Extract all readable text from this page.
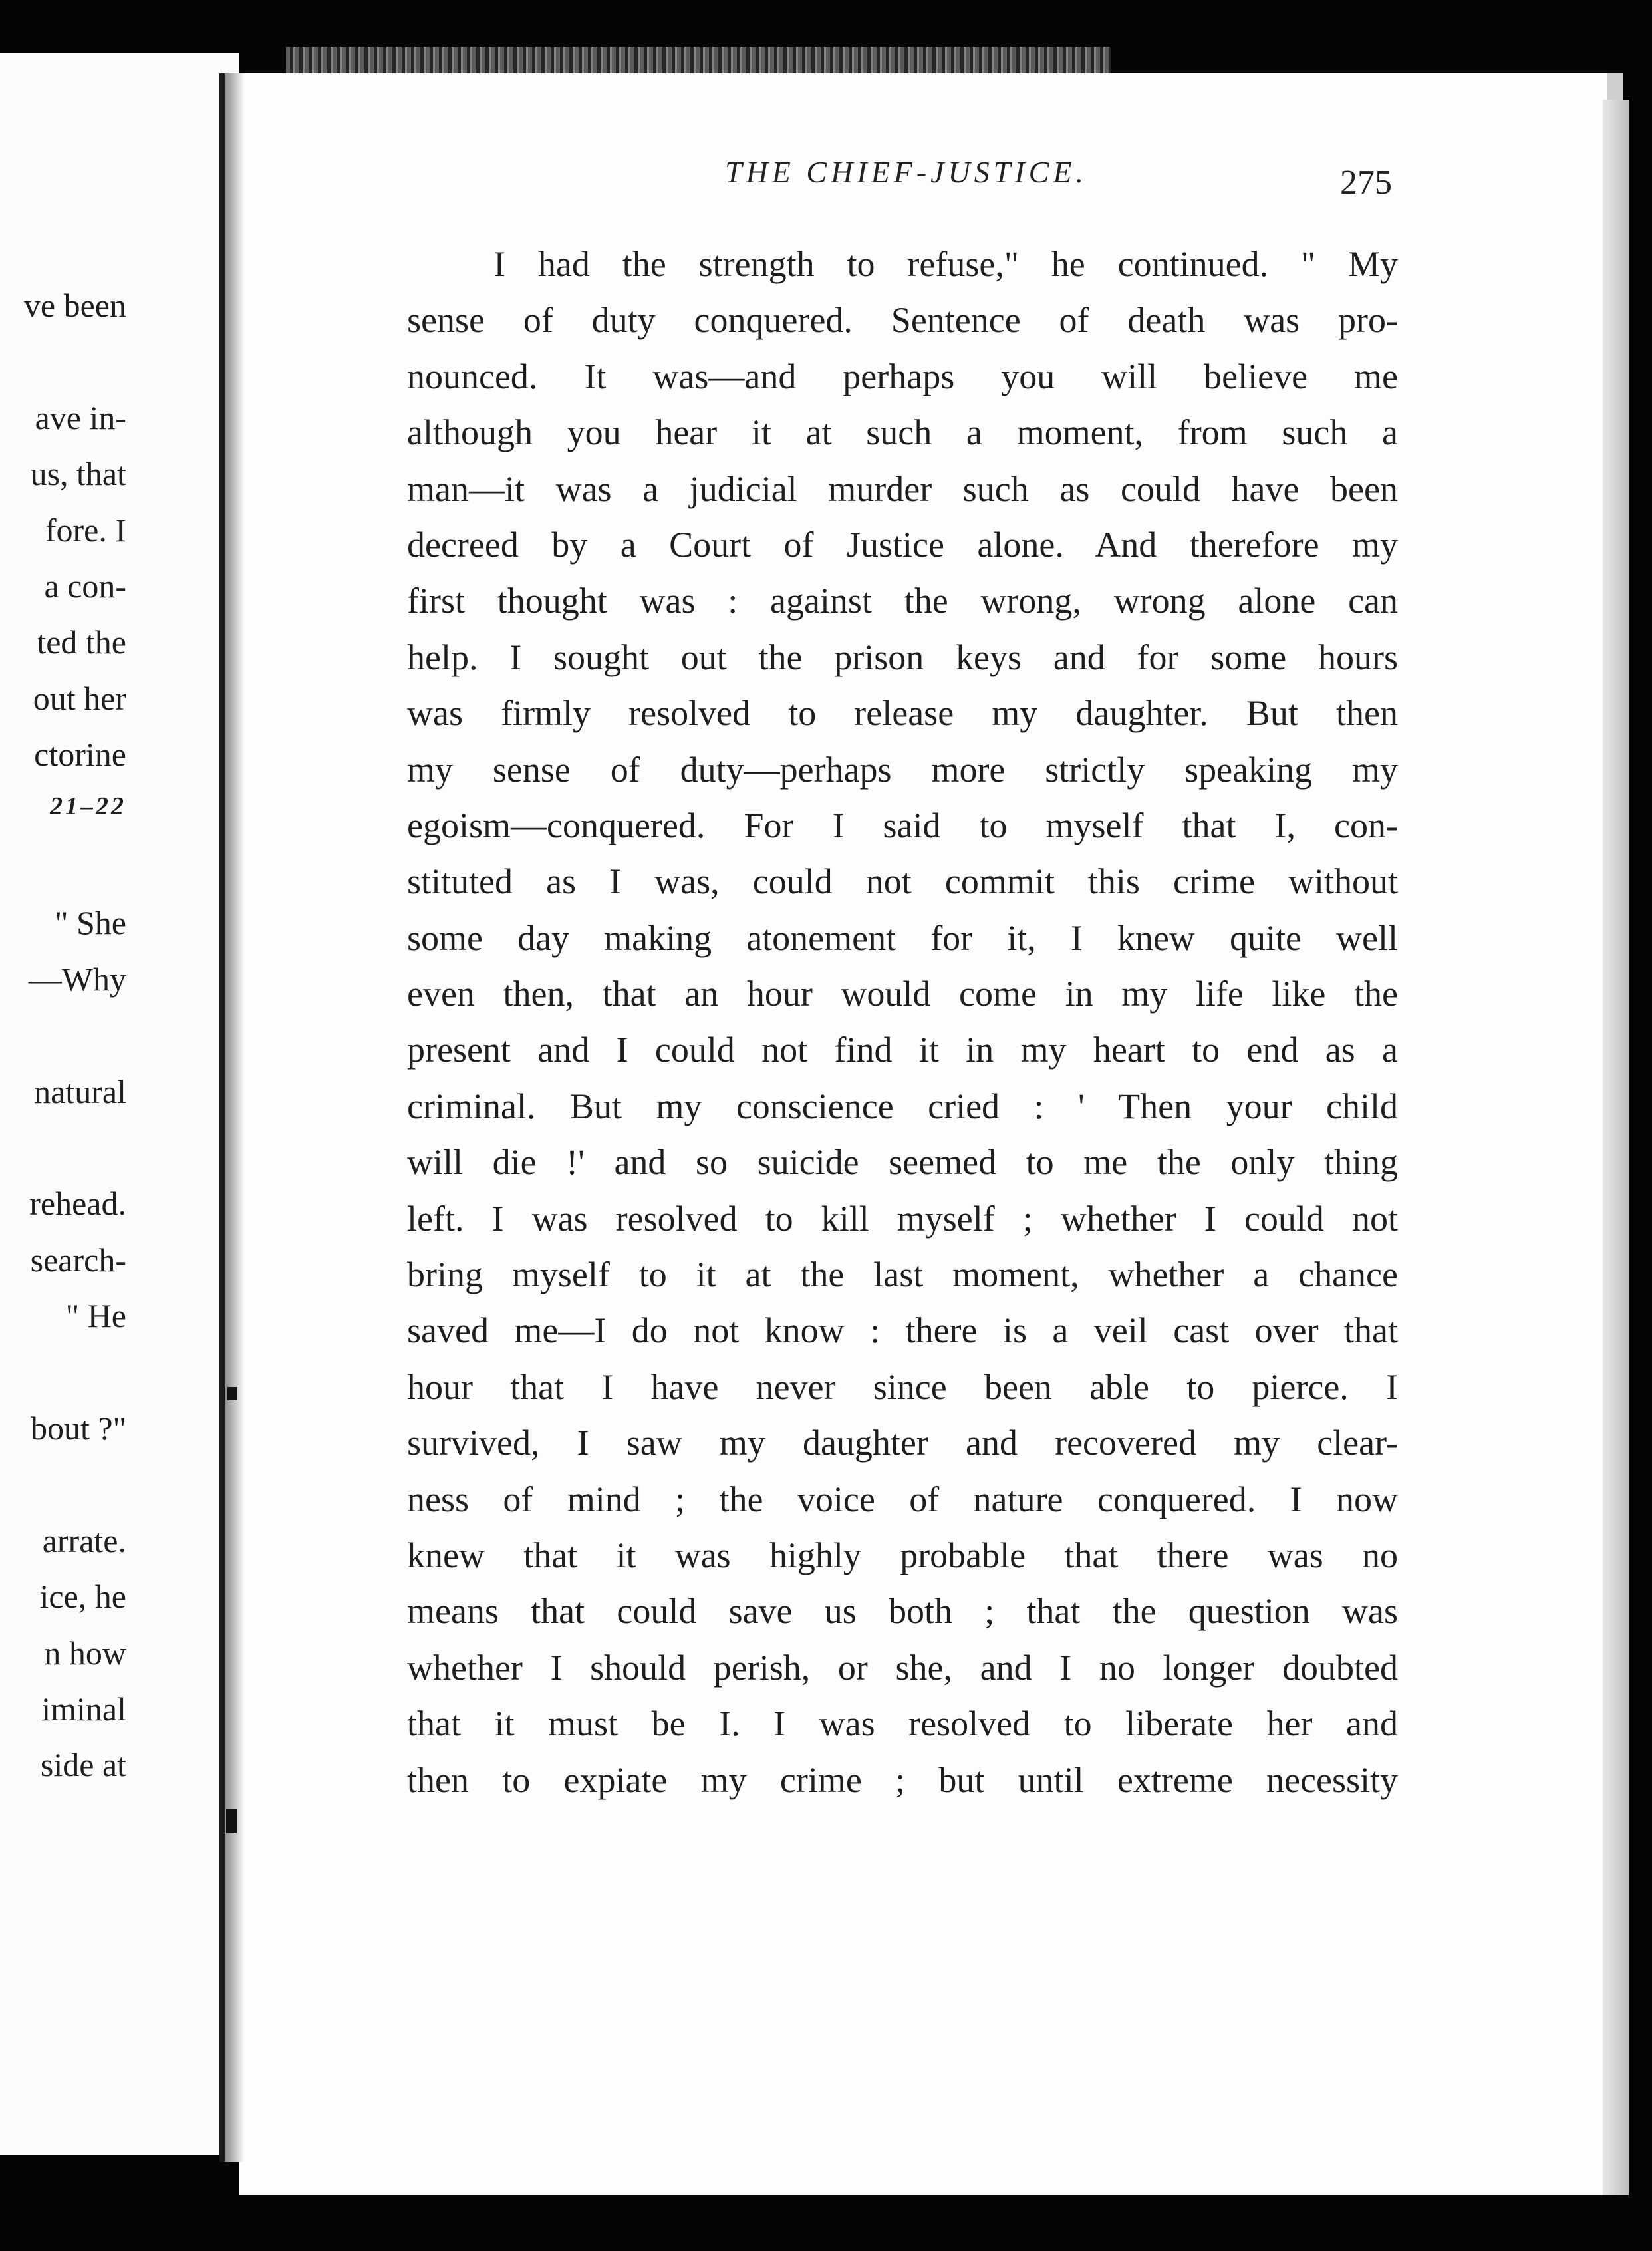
ve been
ave in-
us, that
fore. I
a con-
ted the
out her
ctorine
21–22
" She
—Why
natural
rehead.
search-
" He
bout ?"
arrate.
ice, he
n how
iminal
side at
THE CHIEF-JUSTICE.	275
I had the strength to refuse," he continued. " My
sense of duty conquered. Sentence of death was pro-
nounced. It was—and perhaps you will believe me
although you hear it at such a moment, from such a
man—it was a judicial murder such as could have been
decreed by a Court of Justice alone. And therefore my
first thought was : against the wrong, wrong alone can
help. I sought out the prison keys and for some hours
was firmly resolved to release my daughter. But then
my sense of duty—perhaps more strictly speaking my
egoism—conquered. For I said to myself that I, con-
stituted as I was, could not commit this crime without
some day making atonement for it, I knew quite well
even then, that an hour would come in my life like the
present and I could not find it in my heart to end as a
criminal. But my conscience cried : ' Then your child
will die !' and so suicide seemed to me the only thing
left. I was resolved to kill myself ; whether I could not
bring myself to it at the last moment, whether a chance
saved me—I do not know : there is a veil cast over that
hour that I have never since been able to pierce. I
survived, I saw my daughter and recovered my clear-
ness of mind ; the voice of nature conquered. I now
knew that it was highly probable that there was no
means that could save us both ; that the question was
whether I should perish, or she, and I no longer doubted
that it must be I. I was resolved to liberate her and
then to expiate my crime ; but until extreme necessity
